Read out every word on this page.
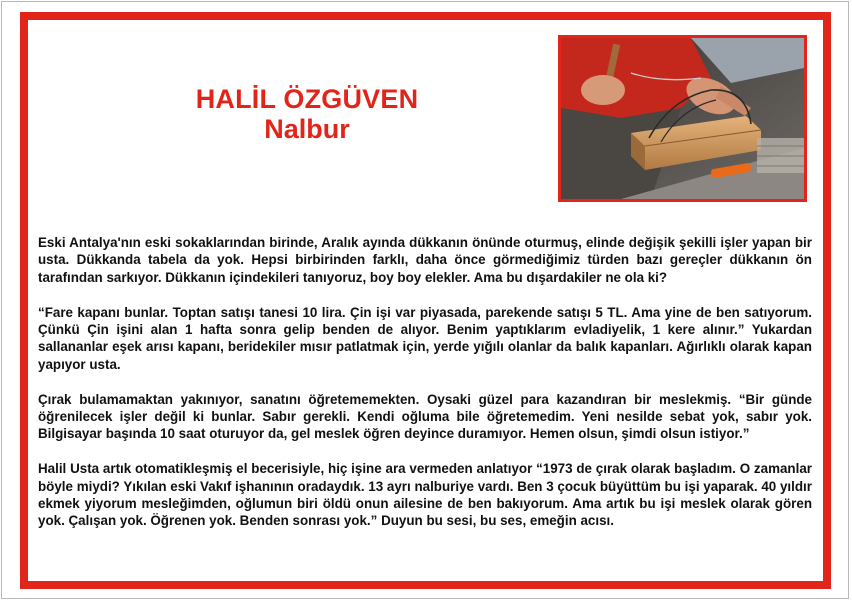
HALİL ÖZGÜVEN
Nalbur

Eski Antalya'nın eski sokaklarından birinde, Aralık ayında dükkanın önünde oturmuş, elinde değişik şekilli işler yapan bir usta. Dükkanda tabela da yok. Hepsi birbirinden farklı, daha önce görmediğimiz türden bazı gereçler dükkanın ön tarafından sarkıyor. Dükkanın içindekileri tanıyoruz, boy boy elekler. Ama bu dışardakiler ne ola ki?

“Fare kapanı bunlar. Toptan satışı tanesi 10 lira. Çin işi var piyasada, parekende satışı 5 TL. Ama yine de ben satıyorum. Çünkü Çin işini alan 1 hafta sonra gelip benden de alıyor. Benim yaptıklarım evladiyelik, 1 kere alınır.” Yukardan sallananlar eşek arısı kapanı, beridekiler mısır patlatmak için, yerde yığılı olanlar da balık kapanları. Ağırlıklı olarak kapan yapıyor usta.

Çırak bulamamaktan yakınıyor, sanatını öğretememekten. Oysaki güzel para kazandıran bir meslekmiş. “Bir günde öğrenilecek işler değil ki bunlar. Sabır gerekli. Kendi oğluma bile öğretemedim. Yeni nesilde sebat yok, sabır yok. Bilgisayar başında 10 saat oturuyor da, gel meslek öğren deyince duramıyor. Hemen olsun, şimdi olsun istiyor.”

Halil Usta artık otomatikleşmiş el becerisiyle, hiç işine ara vermeden anlatıyor “1973 de çırak olarak başladım. O zamanlar böyle miydi? Yıkılan eski Vakıf işhanının oradaydık. 13 ayrı nalburiye vardı. Ben 3 çocuk büyüttüm bu işi yaparak. 40 yıldır ekmek yiyorum mesleğimden, oğlumun biri öldü onun ailesine de ben bakıyorum. Ama artık bu işi meslek olarak gören yok. Çalışan yok. Öğrenen yok. Benden sonrası yok.” Duyun bu sesi, bu ses, emeğin acısı.
